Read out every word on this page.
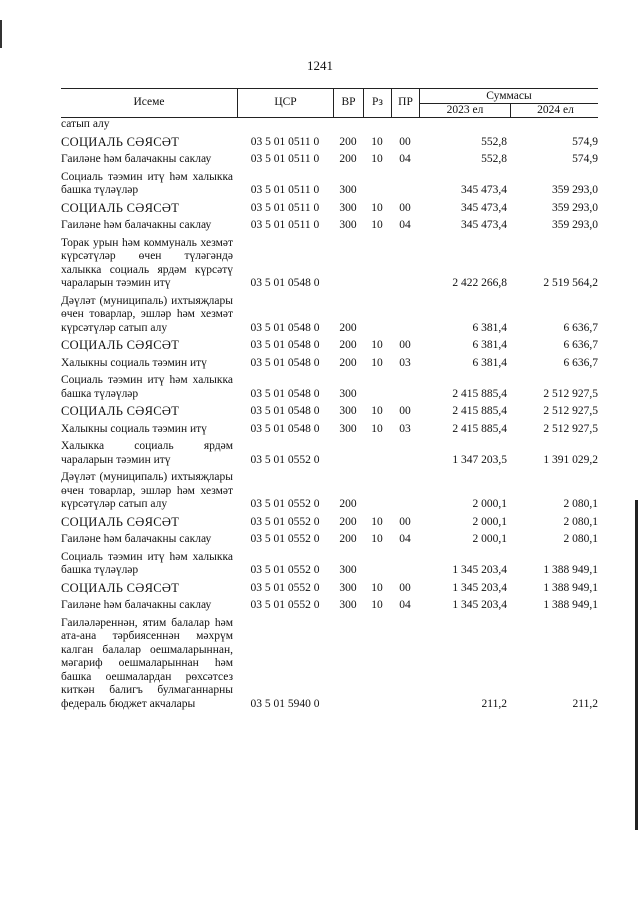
1241
Исеме	ЦСР	ВР	Рз	ПР
Суммасы
2023 ел	2024 ел
сатып алу
СОЦИАЛЬ СӘЯСӘТ	03 5 01 0511 0	200	10	00	552,8	574,9
Гаиләне һәм балачакны саклау	03 5 01 0511 0	200	10	04	552,8	574,9
Социаль тәэмин итү һәм халыкка башка түләүләр	03 5 01 0511 0	300	345 473,4	359 293,0
СОЦИАЛЬ СӘЯСӘТ	03 5 01 0511 0	300	10	00	345 473,4	359 293,0
Гаиләне һәм балачакны саклау	03 5 01 0511 0	300	10	04	345 473,4	359 293,0
Торак урын һәм коммуналь хезмәт күрсәтүләр өчен түләгәндә халыкка социаль ярдәм күрсәтү чараларын тәэмин итү	03 5 01 0548 0	2 422 266,8	2 519 564,2
Дәүләт (муниципаль) ихтыяҗлары өчен товарлар, эшләр һәм хезмәт күрсәтүләр сатып алу	03 5 01 0548 0	200	6 381,4	6 636,7
СОЦИАЛЬ СӘЯСӘТ	03 5 01 0548 0	200	10	00	6 381,4	6 636,7
Халыкны социаль тәэмин итү	03 5 01 0548 0	200	10	03	6 381,4	6 636,7
Социаль тәэмин итү һәм халыкка башка түләүләр	03 5 01 0548 0	300	2 415 885,4	2 512 927,5
СОЦИАЛЬ СӘЯСӘТ	03 5 01 0548 0	300	10	00	2 415 885,4	2 512 927,5
Халыкны социаль тәэмин итү	03 5 01 0548 0	300	10	03	2 415 885,4	2 512 927,5
Халыкка социаль ярдәм чараларын тәэмин итү	03 5 01 0552 0	1 347 203,5	1 391 029,2
Дәүләт (муниципаль) ихтыяҗлары өчен товарлар, эшләр һәм хезмәт күрсәтүләр сатып алу	03 5 01 0552 0	200	2 000,1	2 080,1
СОЦИАЛЬ СӘЯСӘТ	03 5 01 0552 0	200	10	00	2 000,1	2 080,1
Гаиләне һәм балачакны саклау	03 5 01 0552 0	200	10	04	2 000,1	2 080,1
Социаль тәэмин итү һәм халыкка башка түләүләр	03 5 01 0552 0	300	1 345 203,4	1 388 949,1
СОЦИАЛЬ СӘЯСӘТ	03 5 01 0552 0	300	10	00	1 345 203,4	1 388 949,1
Гаиләне һәм балачакны саклау	03 5 01 0552 0	300	10	04	1 345 203,4	1 388 949,1
Гаиләләреннән, ятим балалар һәм ата-ана тәрбиясеннән мәхрүм калган балалар оешмаларыннан, мәгариф оешмаларыннан һәм башка оешмалардан рөхсәтсез киткән балигъ булмаганнарны федераль бюджет акчалары	03 5 01 5940 0	211,2	211,2
